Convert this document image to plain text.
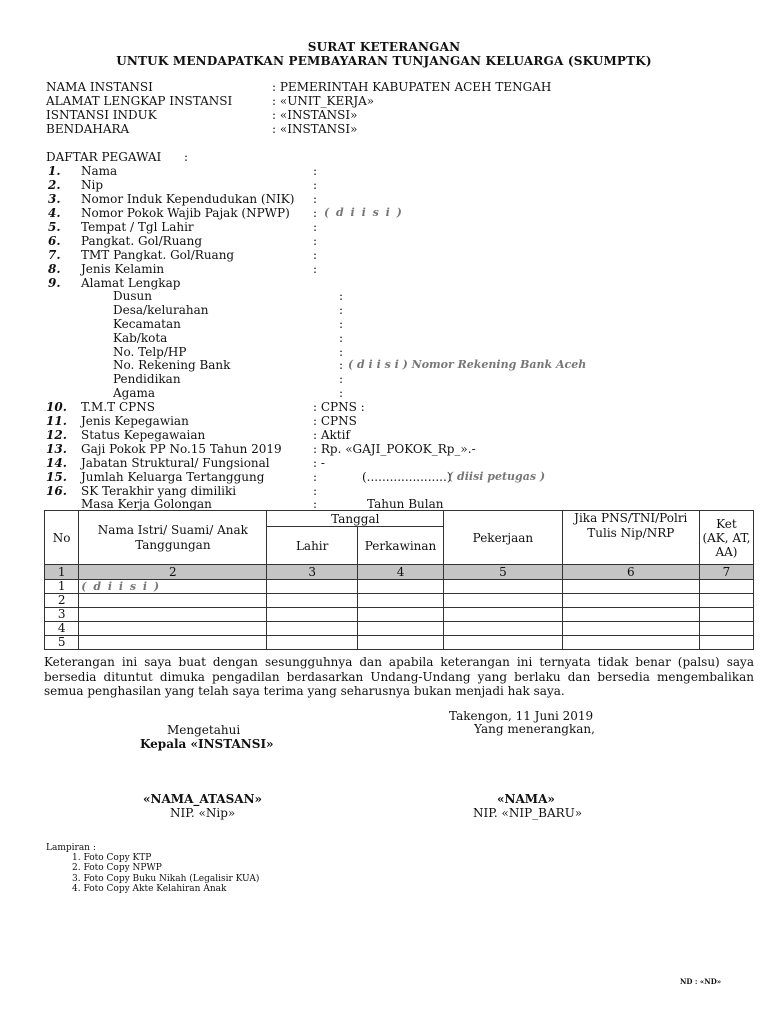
SURAT KETERANGAN
UNTUK MENDAPATKAN PEMBAYARAN TUNJANGAN KELUARGA (SKUMPTK)
NAMA INSTANSI	: PEMERINTAH KABUPATEN ACEH TENGAH
ALAMAT LENGKAP INSTANSI	: «UNIT_KERJA»
ISNTANSI INDUK	: «INSTANSI»
BENDAHARA	: «INSTANSI»
DAFTAR PEGAWAI :
1. Nama	:
2. Nip	:
3. Nomor Induk Kependudukan (NIK) :
4. Nomor Pokok Wajib Pajak (NPWP) : ( d i i s i )
5. Tempat / Tgl Lahir	:
6. Pangkat. Gol/Ruang	:
7. TMT Pangkat. Gol/Ruang	:
8. Jenis Kelamin	:
9. Alamat Lengkap
Dusun	:
Desa/kelurahan	:
Kecamatan	:
Kab/kota	:
No. Telp/HP	:
No. Rekening Bank	: ( d i i s i ) Nomor Rekening Bank Aceh
Pendidikan	:
Agama	:
10. T.M.T CPNS	: CPNS :
11. Jenis Kepegawian	: CPNS
12. Status Kepegawaian	: Aktif
13. Gaji Pokok PP No.15 Tahun 2019	: Rp. «GAJI_POKOK_Rp_».-
14. Jabatan Struktural/ Fungsional	: -
15. Jumlah Keluarga Tertanggung	:	(.....................)
( diisi petugas )
16. SK Terakhir yang dimiliki	:
Masa Kerja Golongan	:	Tahun Bulan
No	Nama Istri/ Suami/ Anak Tanggungan	Tanggal		Pekerjaan	Jika PNS/TNI/Polri Tulis Nip/NRP	Ket (AK, AT, AA)
		Lahir	Perkawinan			
1	2	3	4	5	6	7
1	( d i i s i )					
2						
3						
4						
5						
Keterangan ini saya buat dengan sesungguhnya dan apabila keterangan ini ternyata tidak benar (palsu) saya bersedia dituntut dimuka pengadilan berdasarkan Undang-Undang yang berlaku dan bersedia mengembalikan semua penghasilan yang telah saya terima yang seharusnya bukan menjadi hak saya.
Takengon, 11 Juni 2019
Yang menerangkan,
Mengetahui
Kepala «INSTANSI»
«NAMA_ATASAN»
NIP. «Nip»
«NAMA»
NIP. «NIP_BARU»
Lampiran :
1. Foto Copy KTP
2. Foto Copy NPWP
3. Foto Copy Buku Nikah (Legalisir KUA)
4. Foto Copy Akte Kelahiran Anak
ND : «ND»
